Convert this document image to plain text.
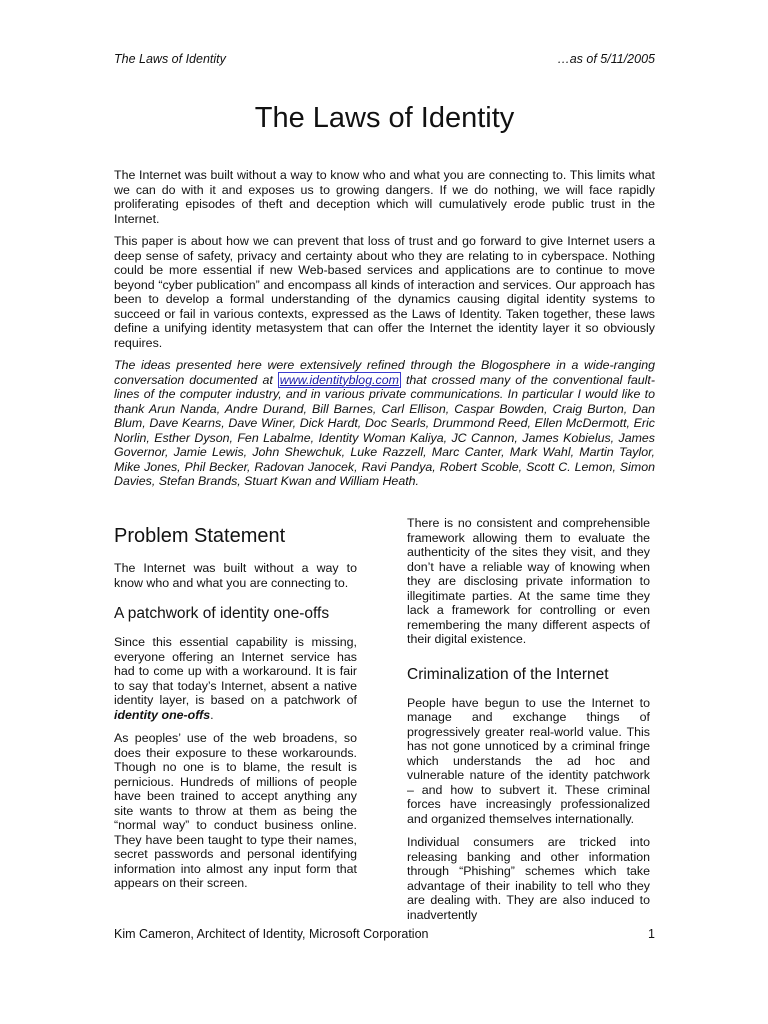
The Laws of Identity	…as of 5/11/2005
The Laws of Identity

The Internet was built without a way to know who and what you are connecting to. This limits what we can do with it and exposes us to growing dangers. If we do nothing, we will face rapidly proliferating episodes of theft and deception which will cumulatively erode public trust in the Internet.

This paper is about how we can prevent that loss of trust and go forward to give Internet users a deep sense of safety, privacy and certainty about who they are relating to in cyberspace. Nothing could be more essential if new Web-based services and applications are to continue to move beyond “cyber publication” and encompass all kinds of interaction and services. Our approach has been to develop a formal understanding of the dynamics causing digital identity systems to succeed or fail in various contexts, expressed as the Laws of Identity. Taken together, these laws define a unifying identity metasystem that can offer the Internet the identity layer it so obviously requires.

The ideas presented here were extensively refined through the Blogosphere in a wide-ranging conversation documented at www.identityblog.com that crossed many of the conventional fault-lines of the computer industry, and in various private communications. In particular I would like to thank Arun Nanda, Andre Durand, Bill Barnes, Carl Ellison, Caspar Bowden, Craig Burton, Dan Blum, Dave Kearns, Dave Winer, Dick Hardt, Doc Searls, Drummond Reed, Ellen McDermott, Eric Norlin, Esther Dyson, Fen Labalme, Identity Woman Kaliya, JC Cannon, James Kobielus, James Governor, Jamie Lewis, John Shewchuk, Luke Razzell, Marc Canter, Mark Wahl, Martin Taylor, Mike Jones, Phil Becker, Radovan Janocek, Ravi Pandya, Robert Scoble, Scott C. Lemon, Simon Davies, Stefan Brands, Stuart Kwan and William Heath.

Problem Statement

The Internet was built without a way to know who and what you are connecting to.

A patchwork of identity one-offs

Since this essential capability is missing, everyone offering an Internet service has had to come up with a workaround. It is fair to say that today’s Internet, absent a native identity layer, is based on a patchwork of identity one-offs.

As peoples’ use of the web broadens, so does their exposure to these workarounds. Though no one is to blame, the result is pernicious. Hundreds of millions of people have been trained to accept anything any site wants to throw at them as being the “normal way” to conduct business online. They have been taught to type their names, secret passwords and personal identifying information into almost any input form that appears on their screen.

There is no consistent and comprehensible framework allowing them to evaluate the authenticity of the sites they visit, and they don’t have a reliable way of knowing when they are disclosing private information to illegitimate parties. At the same time they lack a framework for controlling or even remembering the many different aspects of their digital existence.

Criminalization of the Internet

People have begun to use the Internet to manage and exchange things of progressively greater real-world value. This has not gone unnoticed by a criminal fringe which understands the ad hoc and vulnerable nature of the identity patchwork – and how to subvert it. These criminal forces have increasingly professionalized and organized themselves internationally.

Individual consumers are tricked into releasing banking and other information through “Phishing” schemes which take advantage of their inability to tell who they are dealing with. They are also induced to inadvertently

Kim Cameron, Architect of Identity, Microsoft Corporation	1
